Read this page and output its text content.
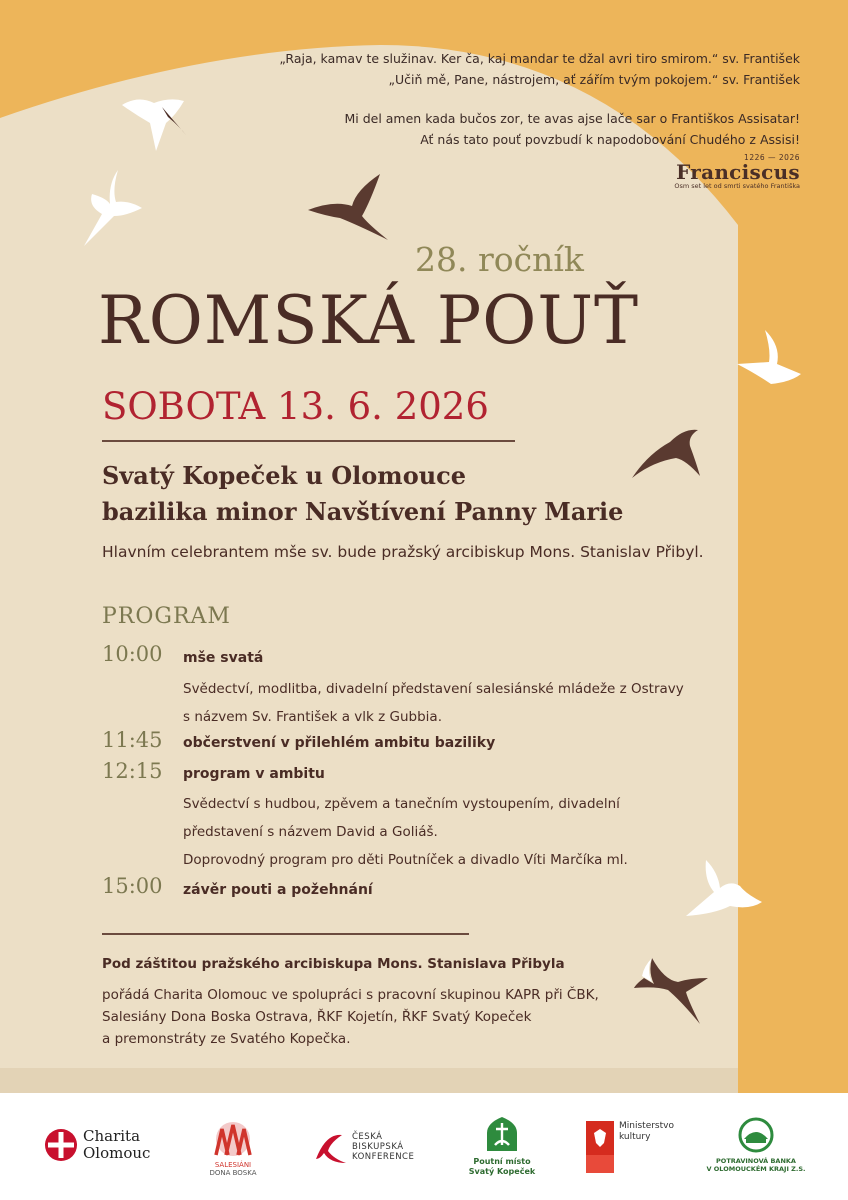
„Raja, kamav te služinav. Ker ča, kaj mandar te džal avri tiro smirom.“ sv. František
„Učiň mě, Pane, nástrojem, ať zářím tvým pokojem.“ sv. František
Mi del amen kada bučos zor, te avas ajse lače sar o Františkos Assisatar!
Ať nás tato pouť povzbudí k napodobování Chudého z Assisi!
1226 — 2026
Franciscus
Osm set let od smrti svatého Františka
28. ročník
ROMSKÁ POUŤ
SOBOTA 13. 6. 2026
Svatý Kopeček u Olomouce
bazilika minor Navštívení Panny Marie
Hlavním celebrantem mše sv. bude pražský arcibiskup Mons. Stanislav Přibyl.
PROGRAM
10:00 mše svatá
Svědectví, modlitba, divadelní představení salesiánské mládeže z Ostravy
s názvem Sv. František a vlk z Gubbia.
11:45 občerstvení v přilehlém ambitu baziliky
12:15 program v ambitu
Svědectví s hudbou, zpěvem a tanečním vystoupením, divadelní
představení s názvem David a Goliáš.
Doprovodný program pro děti Poutníček a divadlo Víti Marčíka ml.
15:00 závěr pouti a požehnání
Pod záštitou pražského arcibiskupa Mons. Stanislava Přibyla
pořádá Charita Olomouc ve spolupráci s pracovní skupinou KAPR při ČBK,
Salesiány Dona Boska Ostrava, ŘKF Kojetín, ŘKF Svatý Kopeček
a premonstráty ze Svatého Kopečka.
Charita
Olomouc
SALESIÁNI
DONA BOSKA
ČESKÁ
BISKUPSKÁ
KONFERENCE	Poutní místo
Svatý Kopeček
Ministerstvo
kultury
POTRAVINOVÁ BANKA
V OLOMOUCKÉM KRAJI Z.S.
